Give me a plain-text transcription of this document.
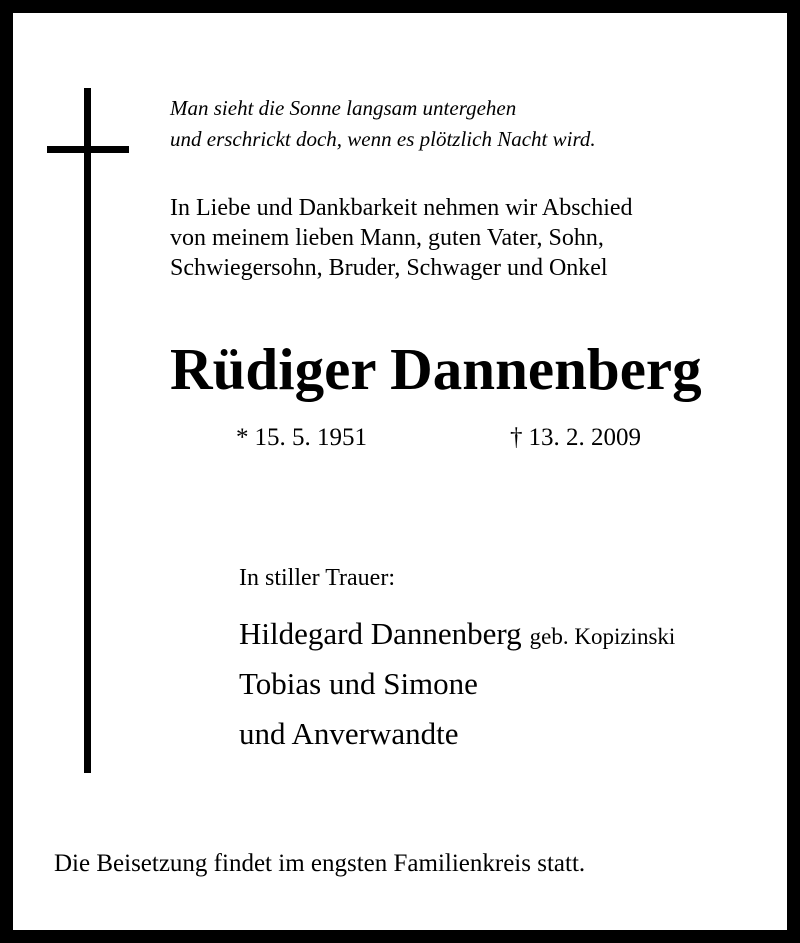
Man sieht die Sonne langsam untergehen
und erschrickt doch, wenn es plötzlich Nacht wird.
In Liebe und Dankbarkeit nehmen wir Abschied
von meinem lieben Mann, guten Vater, Sohn,
Schwiegersohn, Bruder, Schwager und Onkel
Rüdiger Dannenberg
* 15. 5. 1951	† 13. 2. 2009
In stiller Trauer:
Hildegard Dannenberg geb. Kopizinski
Tobias und Simone
und Anverwandte
Die Beisetzung findet im engsten Familienkreis statt.
